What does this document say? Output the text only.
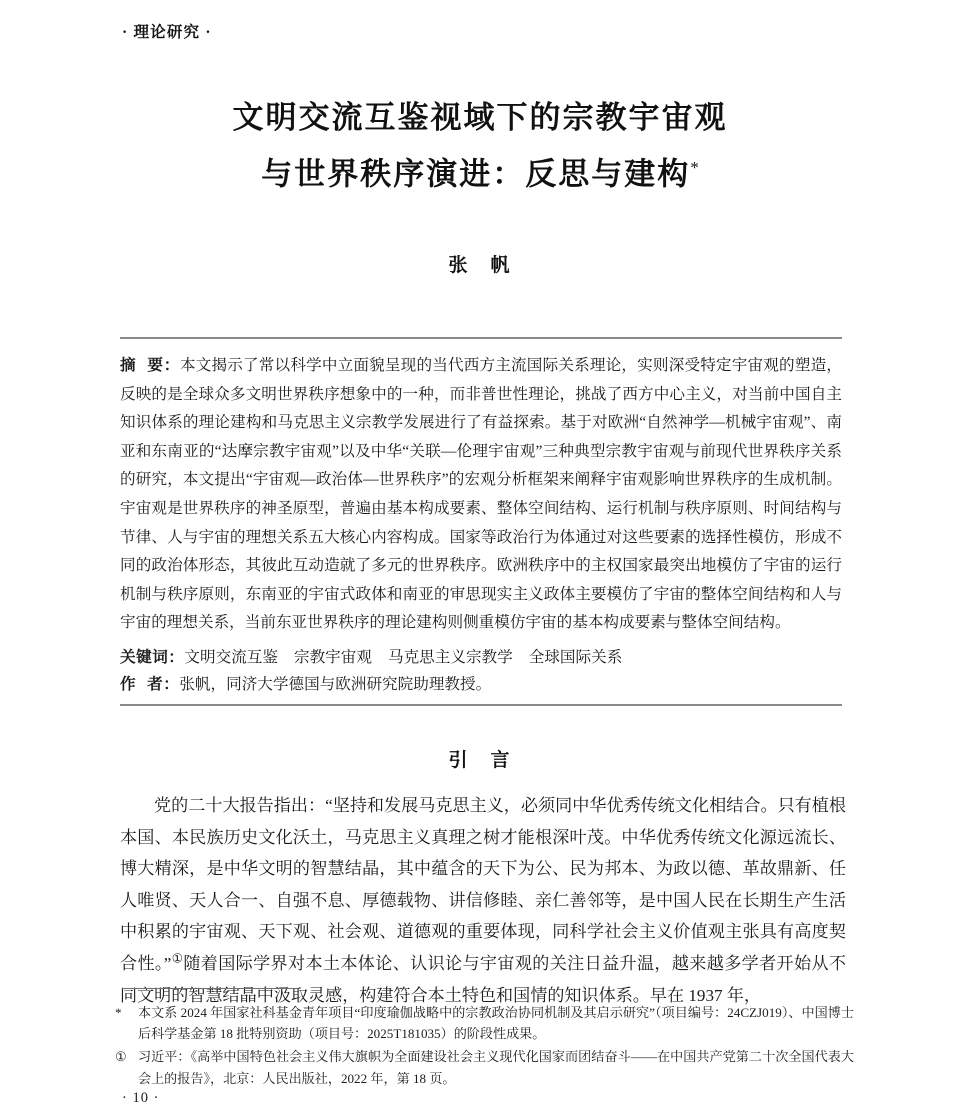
· 理论研究 ·
文明交流互鉴视域下的宗教宇宙观
与世界秩序演进：反思与建构*
张　帆

摘 要：本文揭示了常以科学中立面貌呈现的当代西方主流国际关系理论，实则深受特定宇宙观的塑造，反映的是全球众多文明世界秩序想象中的一种，而非普世性理论，挑战了西方中心主义，对当前中国自主知识体系的理论建构和马克思主义宗教学发展进行了有益探索。基于对欧洲“自然神学—机械宇宙观”、南亚和东南亚的“达摩宗教宇宙观”以及中华“关联—伦理宇宙观”三种典型宗教宇宙观与前现代世界秩序关系的研究，本文提出“宇宙观—政治体—世界秩序”的宏观分析框架来阐释宇宙观影响世界秩序的生成机制。宇宙观是世界秩序的神圣原型，普遍由基本构成要素、整体空间结构、运行机制与秩序原则、时间结构与节律、人与宇宙的理想关系五大核心内容构成。国家等政治行为体通过对这些要素的选择性模仿，形成不同的政治体形态，其彼此互动造就了多元的世界秩序。欧洲秩序中的主权国家最突出地模仿了宇宙的运行机制与秩序原则，东南亚的宇宙式政体和南亚的审思现实主义政体主要模仿了宇宙的整体空间结构和人与宇宙的理想关系，当前东亚世界秩序的理论建构则侧重模仿宇宙的基本构成要素与整体空间结构。

关键词：文明交流互鉴 宗教宇宙观 马克思主义宗教学 全球国际关系

作 者：张帆，同济大学德国与欧洲研究院助理教授。

引　言

党的二十大报告指出：“坚持和发展马克思主义，必须同中华优秀传统文化相结合。只有植根本国、本民族历史文化沃土，马克思主义真理之树才能根深叶茂。中华优秀传统文化源远流长、博大精深，是中华文明的智慧结晶，其中蕴含的天下为公、民为邦本、为政以德、革故鼎新、任人唯贤、天人合一、自强不息、厚德载物、讲信修睦、亲仁善邻等，是中国人民在长期生产生活中积累的宇宙观、天下观、社会观、道德观的重要体现，同科学社会主义价值观主张具有高度契合性。”①随着国际学界对本土本体论、认识论与宇宙观的关注日益升温，越来越多学者开始从不同文明的智慧结晶中汲取灵感，构建符合本土特色和国情的知识体系。早在 1937 年，

*	本文系 2024 年国家社科基金青年项目“印度瑜伽战略中的宗教政治协同机制及其启示研究”（项目编号：24CZJ019）、中国博士后科学基金第 18 批特别资助（项目号：2025T181035）的阶段性成果。
① 习近平：《高举中国特色社会主义伟大旗帜为全面建设社会主义现代化国家而团结奋斗——在中国共产党第二十次全国代表大会上的报告》，北京：人民出版社，2022 年，第 18 页。
· 10 ·
